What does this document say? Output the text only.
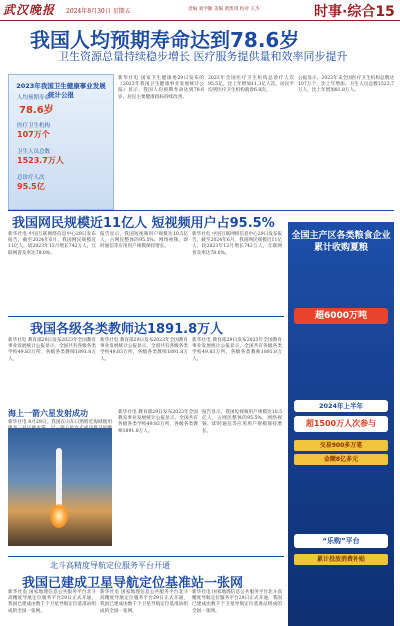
武汉晚报 2024年8月30日 星期五	责编 刘学勤 美编 黄凯琪 校对 王杰	时事·综合15
我国人均预期寿命达到78.6岁
卫生资源总量持续稳步增长 医疗服务提供量和效率同步提升
2023年我国卫生健康事业发展统计公报
人均预期寿命
78.6岁
医疗卫生机构
107万个
卫生人员总数
1523.7万人
总诊疗人次
95.5亿
新华社电 国家卫生健康委29日发布的《2023年我国卫生健康事业发展统计公报》显示，我国人均预期寿命达到78.6岁，居民主要健康指标持续改善。
2023年全国医疗卫生机构总诊疗人次95.5亿，比上年增加11.3亿人次，居民平均到医疗卫生机构就诊6.8次。
公报显示，2023年末全国医疗卫生机构总数达107万个，比上年增加。卫生人员总数1523.7万人，比上年增加81.8万人。
我国网民规模近11亿人 短视频用户占95.5%
新华社电 中国互联网络信息中心29日发布报告，截至2024年6月，我国网民规模近11亿人，较2023年12月增长742万人，互联网普及率达78.0%。
报告显示，我国短视频用户规模达10.5亿人，占网民整体的95.5%，网络视频、即时通信等应用用户规模保持增长。
新华社电 中国互联网络信息中心29日发布报告，截至2024年6月，我国网民规模近11亿人，较2023年12月增长742万人，互联网普及率达78.0%。
我国各级各类教师达1891.8万人
新华社电 教育部29日发布2023年全国教育事业发展统计公报显示，全国共有各级各类学校49.83万所，各级各类教师1891.8万人。
新华社电 教育部29日发布2023年全国教育事业发展统计公报显示，全国共有各级各类学校49.83万所，各级各类教师1891.8万人。
新华社电 教育部29日发布2023年全国教育事业发展统计公报显示，全国共有各级各类学校49.83万所，各级各类教师1891.8万人。
海上一箭六星发射成功
新华社电 8月29日，我国在山东日照附近海域使用
新华社电 教育部29日发布2023年全国教育事业发展统计公报显示，全国共有各级各类学校49.83万所，各级各类教师1891.8万人。
报告显示，我国短视频用户规模达10.5亿人，占网民整体的95.5%，网络视频、即时通信等应用用户规模保持增长。
全国主产区各类粮食企业累计收购夏粮
超6000万吨
2024年上半年
超1500万人次参与
交易900多万笔
金额8亿多元
“乐购”平台
累计投放消费补贴
北斗高精度导航定位服务平台开通
我国已建成卫星导航定位基准站一张网
新华社电 国家地理信息公共服务平台北斗高精度导航定位服务平台29日正式开通，我国已建成由数千个卫星导航定位基准站组成的全国一张网。
新华社电 国家地理信息公共服务平台北斗高精度导航定位服务平台29日正式开通，我国已建成由数千个卫星导航定位基准站组成的全国一张网。
新华社电 国家地理信息公共服务平台北斗高精度导航定位服务平台29日正式开通，我国已建成由数千个卫星导航定位基准站组成的全国一张网。
